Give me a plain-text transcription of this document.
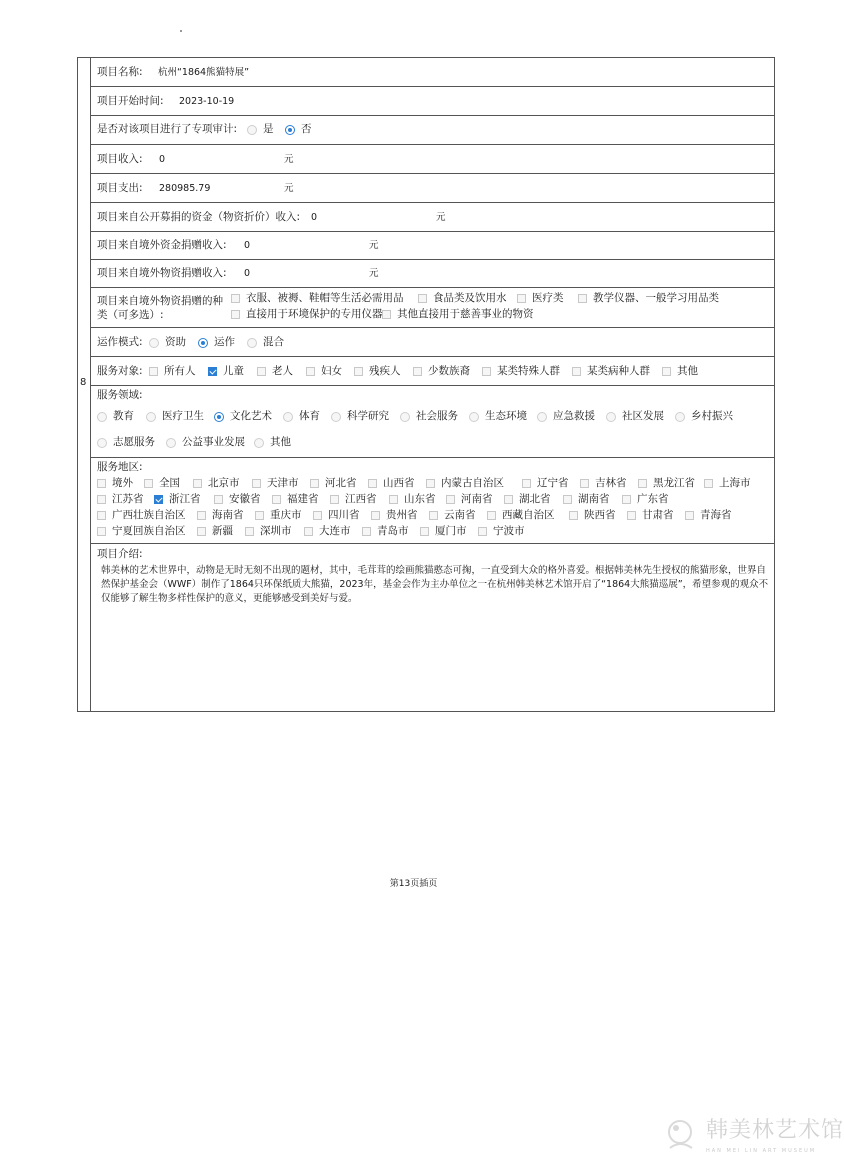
8
项目名称: 杭州“1864熊猫特展”
项目开始时间: 2023-10-19
是否对该项目进行了专项审计: 是	否
项目收入: 0	元
项目支出: 280985.79	元
项目来自公开募捐的资金（物资折价）收入: 0	元
项目来自境外资金捐赠收入: 0	元
项目来自境外物资捐赠收入: 0	元
项目来自境外物资捐赠的种
类（可多选）:
衣服、被褥、鞋帽等生活必需用品	食品类及饮用水 医疗类	教学仪器、一般学习用品类
直接用于环境保护的专用仪器 其他直接用于慈善事业的物资
运作模式: 资助	运作	混合
服务对象: 所有人	儿童	老人	妇女	残疾人	少数族裔	某类特殊人群	某类病种人群	其他
服务领域:
教育	医疗卫生 文化艺术	体育	科学研究	社会服务	生态环境 应急救援	社区发展	乡村振兴
志愿服务	公益事业发展 其他
服务地区:
境外 全国	北京市	天津市	河北省	山西省	内蒙古自治区	辽宁省	吉林省	黑龙江省 上海市
江苏省 浙江省	安徽省	福建省	江西省	山东省 河南省	湖北省	湖南省	广东省
广西壮族自治区	海南省	重庆市	四川省	贵州省	云南省	西藏自治区	陕西省	甘肃省	青海省
宁夏回族自治区	新疆	深圳市	大连市	青岛市	厦门市	宁波市
项目介绍:
韩美林的艺术世界中，动物是无时无刻不出现的题材，其中，毛茸茸的绘画熊猫憨态可掬，一直受到大众的格外喜爱。根据韩美林先生授权的熊猫形象，世界自然保护基金会（WWF）制作了1864只环保纸质大熊猫，2023年，基金会作为主办单位之一在杭州韩美林艺术馆开启了“1864大熊猫巡展”，希望参观的观众不仅能够了解生物多样性保护的意义，更能够感受到美好与爱。
第13页插页
韩美林艺术馆
HAN MEI LIN ART MUSEUM
